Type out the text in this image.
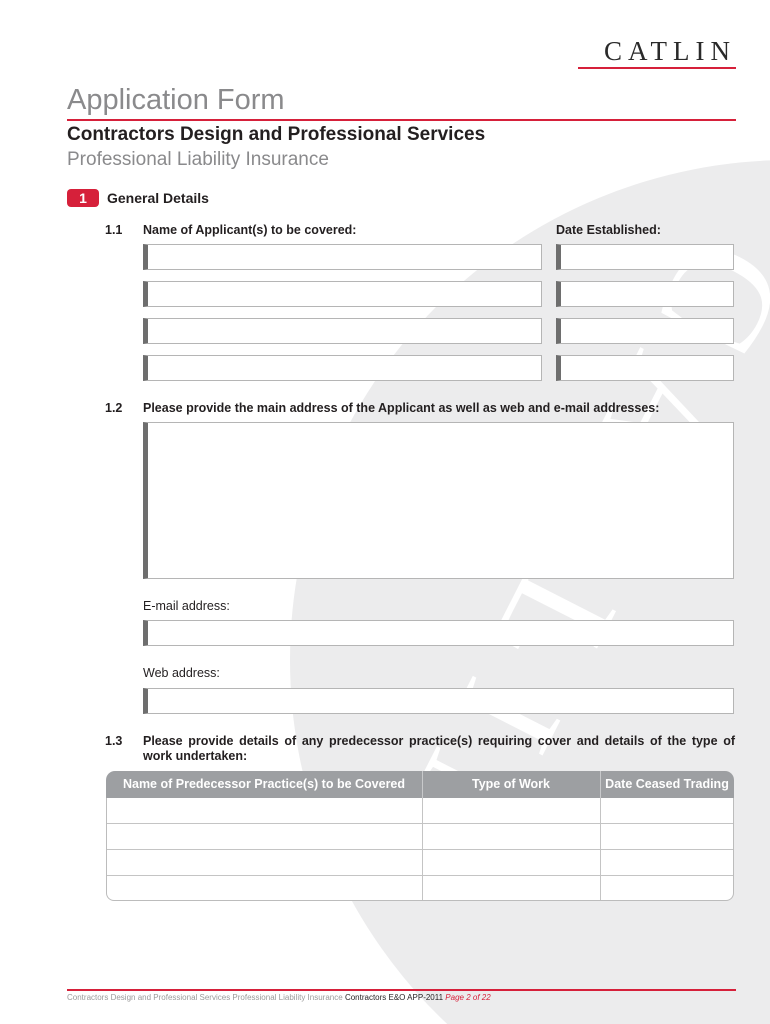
CATLIN
Application Form
Contractors Design and Professional Services
Professional Liability Insurance
1	General Details
1.1 Name of Applicant(s) to be covered:	Date Established:
1.2 Please provide the main address of the Applicant as well as web and e-mail addresses:
E-mail address:
Web address:
1.3 Please provide details of any predecessor practice(s) requiring cover and details of the type of work undertaken:
Name of Predecessor Practice(s) to be Covered	Type of Work	Date Ceased Trading
Contractors Design and Professional Services Professional Liability Insurance Contractors E&O APP-2011 Page 2 of 22
